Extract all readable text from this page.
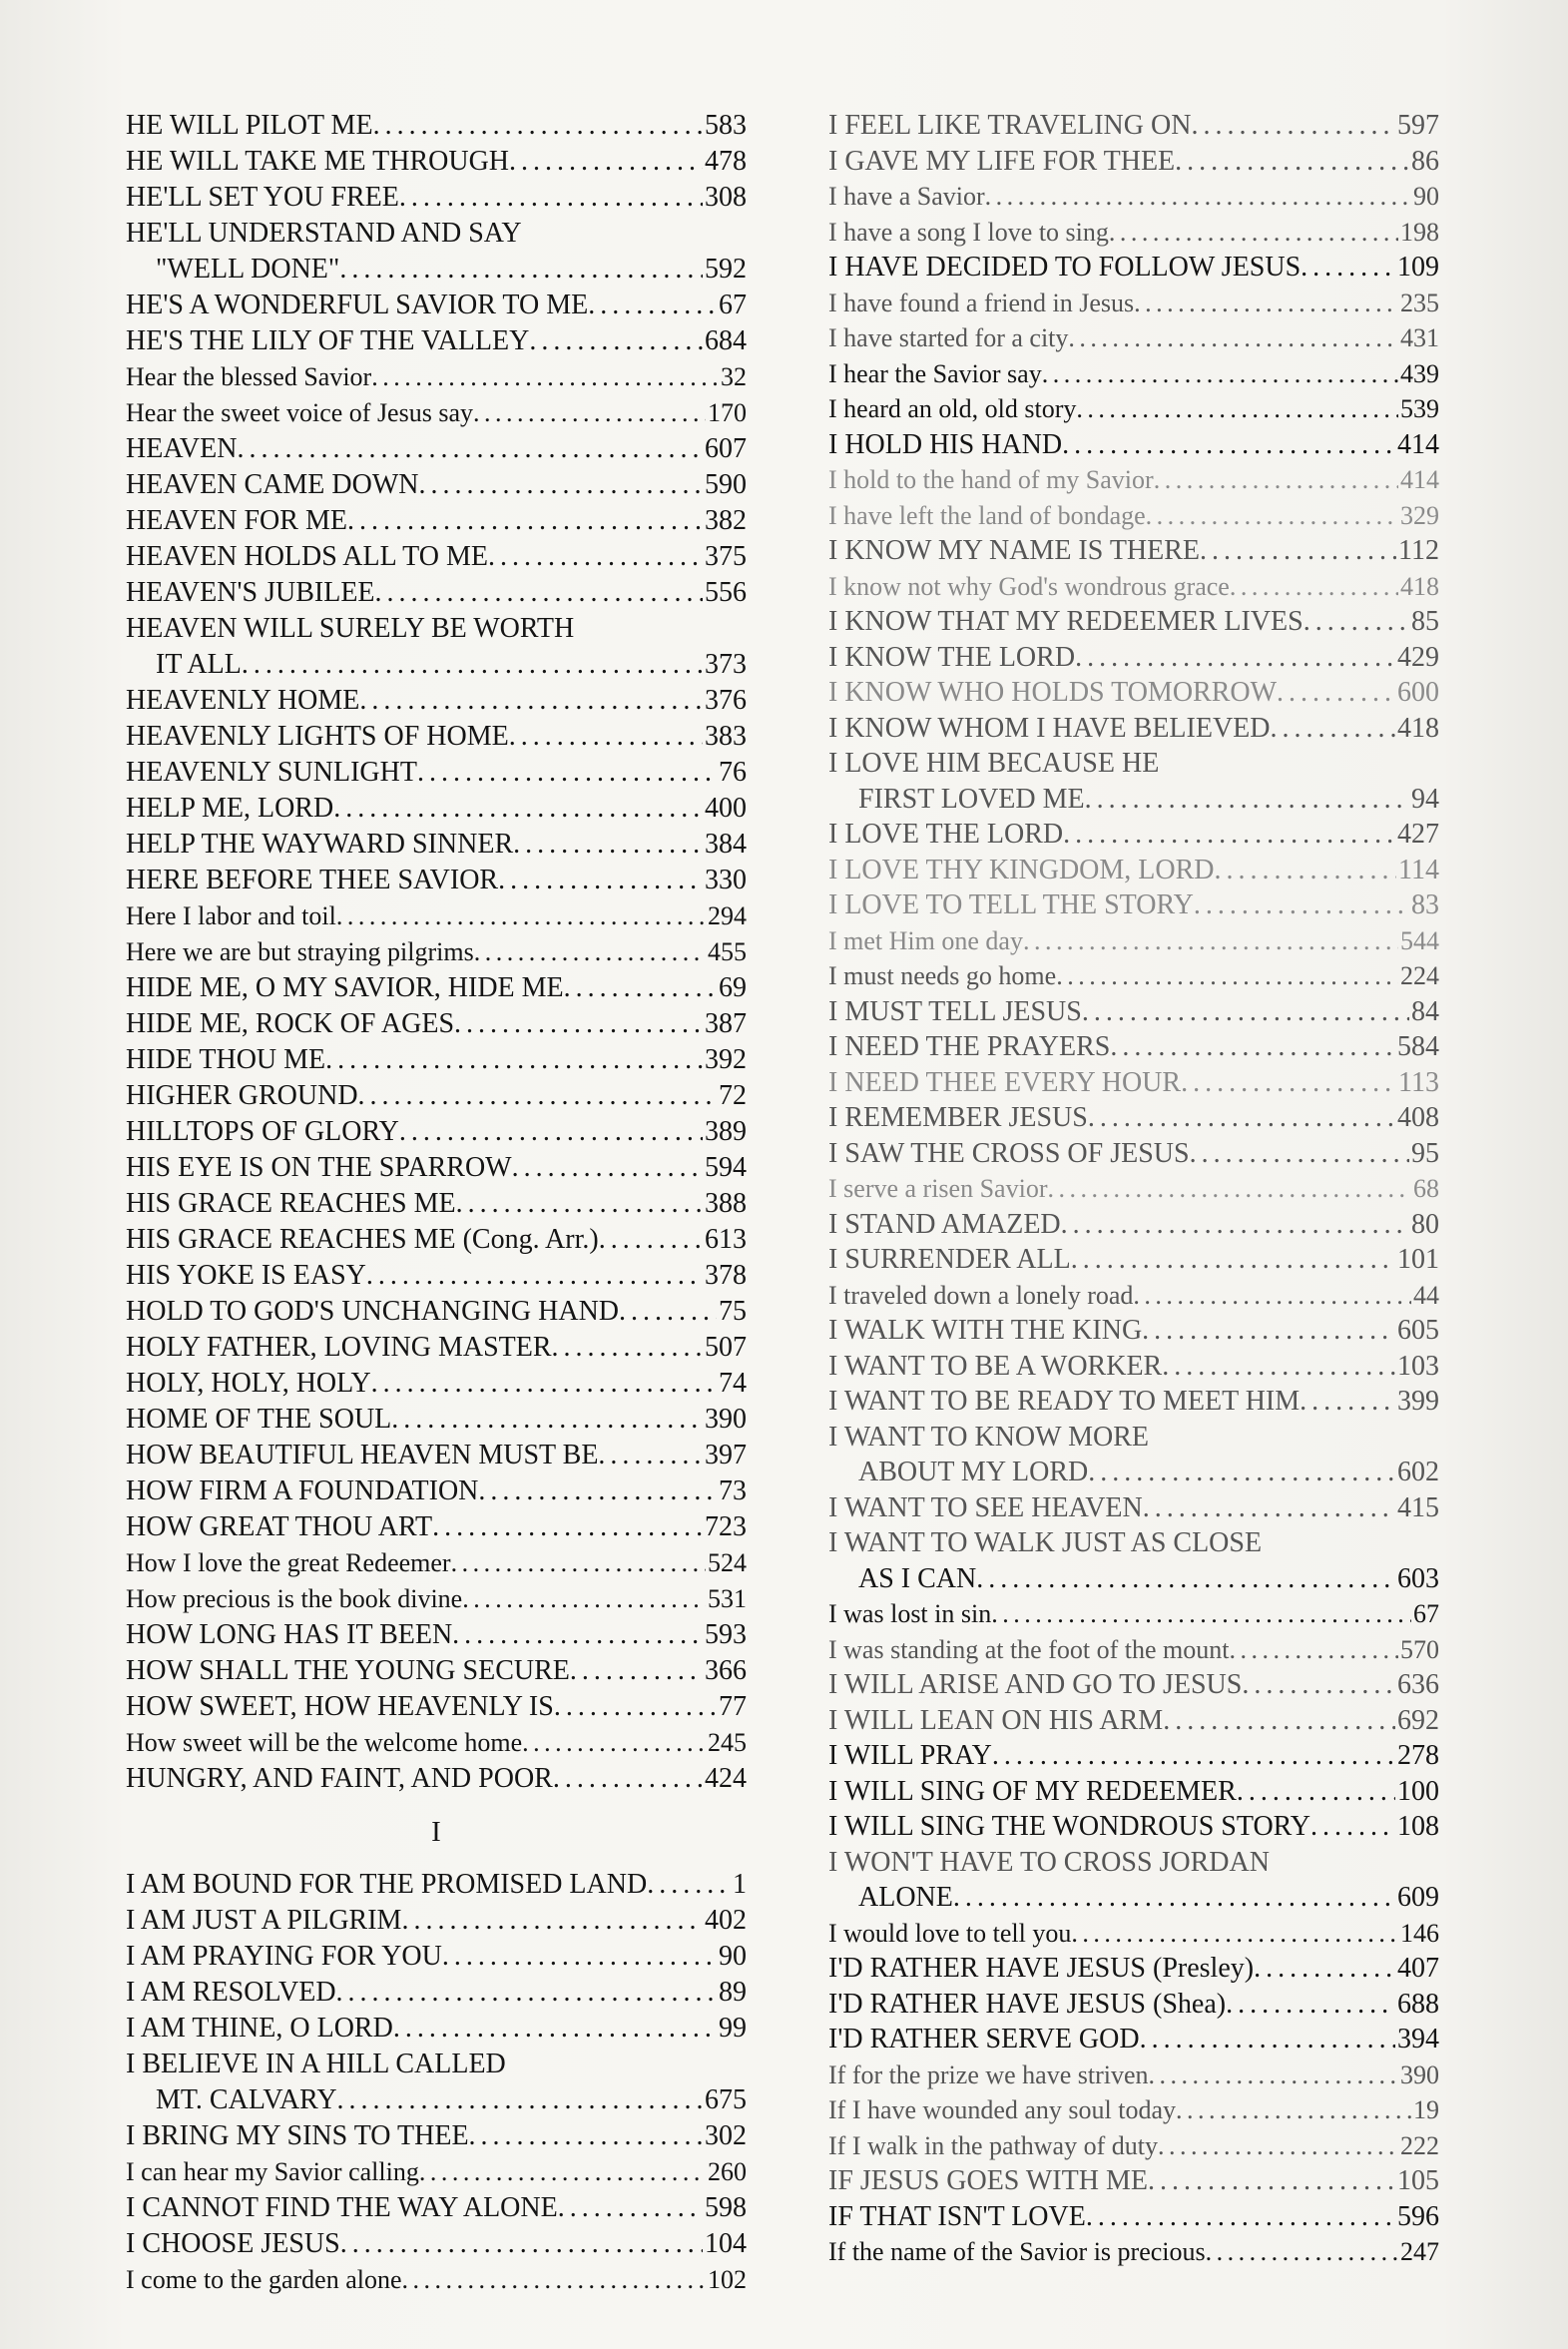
HE WILL PILOT ME . . .	583
HE WILL TAKE ME THROUGH . . .	478
HE'LL SET YOU FREE . . .	308
HE'LL UNDERSTAND AND SAY
"WELL DONE" . . .	592
HE'S A WONDERFUL SAVIOR TO ME . . .	67
HE'S THE LILY OF THE VALLEY . . .	684
Hear the blessed Savior . . .	32
Hear the sweet voice of Jesus say . . .	170
HEAVEN . . .	607
HEAVEN CAME DOWN . . .	590
HEAVEN FOR ME . . .	382
HEAVEN HOLDS ALL TO ME . . .	375
HEAVEN'S JUBILEE . . .	556
HEAVEN WILL SURELY BE WORTH
IT ALL . . .	373
HEAVENLY HOME . . .	376
HEAVENLY LIGHTS OF HOME . . .	383
HEAVENLY SUNLIGHT . . .	76
HELP ME, LORD . . .	400
HELP THE WAYWARD SINNER . . .	384
HERE BEFORE THEE SAVIOR . . .	330
Here I labor and toil . . .	294
Here we are but straying pilgrims . . .	455
HIDE ME, O MY SAVIOR, HIDE ME . . .	69
HIDE ME, ROCK OF AGES . . .	387
HIDE THOU ME . . .	392
HIGHER GROUND . . .	72
HILLTOPS OF GLORY . . .	389
HIS EYE IS ON THE SPARROW . . .	594
HIS GRACE REACHES ME . . .	388
HIS GRACE REACHES ME (Cong. Arr.) . . .	613
HIS YOKE IS EASY . . .	378
HOLD TO GOD'S UNCHANGING HAND . . .	75
HOLY FATHER, LOVING MASTER . . .	507
HOLY, HOLY, HOLY . . .	74
HOME OF THE SOUL . . .	390
HOW BEAUTIFUL HEAVEN MUST BE . . .	397
HOW FIRM A FOUNDATION . . .	73
HOW GREAT THOU ART . . .	723
How I love the great Redeemer . . .	524
How precious is the book divine . . .	531
HOW LONG HAS IT BEEN . . .	593
HOW SHALL THE YOUNG SECURE . . .	366
HOW SWEET, HOW HEAVENLY IS . . .	77
How sweet will be the welcome home . . .	245
HUNGRY, AND FAINT, AND POOR . . .	424
I
I AM BOUND FOR THE PROMISED LAND . . .	1
I AM JUST A PILGRIM . . .	402
I AM PRAYING FOR YOU . . .	90
I AM RESOLVED . . .	89
I AM THINE, O LORD . . .	99
I BELIEVE IN A HILL CALLED
MT. CALVARY . . .	675
I BRING MY SINS TO THEE . . .	302
I can hear my Savior calling . . .	260
I CANNOT FIND THE WAY ALONE . . .	598
I CHOOSE JESUS . . .	104
I come to the garden alone . . .	102
I FEEL LIKE TRAVELING ON . . .	597
I GAVE MY LIFE FOR THEE . . .	86
I have a Savior . . .	90
I have a song I love to sing . . .	198
I HAVE DECIDED TO FOLLOW JESUS . . .	109
I have found a friend in Jesus . . .	235
I have started for a city . . .	431
I hear the Savior say . . .	439
I heard an old, old story . . .	539
I HOLD HIS HAND . . .	414
I hold to the hand of my Savior . . .	414
I have left the land of bondage . . .	329
I KNOW MY NAME IS THERE . . .	112
I know not why God's wondrous grace . . .	418
I KNOW THAT MY REDEEMER LIVES . . .	85
I KNOW THE LORD . . .	429
I KNOW WHO HOLDS TOMORROW . . .	600
I KNOW WHOM I HAVE BELIEVED . . .	418
I LOVE HIM BECAUSE HE
FIRST LOVED ME . . .	94
I LOVE THE LORD . . .	427
I LOVE THY KINGDOM, LORD . . .	114
I LOVE TO TELL THE STORY . . .	83
I met Him one day . . .	544
I must needs go home . . .	224
I MUST TELL JESUS . . .	84
I NEED THE PRAYERS . . .	584
I NEED THEE EVERY HOUR . . .	113
I REMEMBER JESUS . . .	408
I SAW THE CROSS OF JESUS . . .	95
I serve a risen Savior . . .	68
I STAND AMAZED . . .	80
I SURRENDER ALL . . .	101
I traveled down a lonely road . . .	44
I WALK WITH THE KING . . .	605
I WANT TO BE A WORKER . . .	103
I WANT TO BE READY TO MEET HIM . . .	399
I WANT TO KNOW MORE
ABOUT MY LORD . . .	602
I WANT TO SEE HEAVEN . . .	415
I WANT TO WALK JUST AS CLOSE
AS I CAN . . .	603
I was lost in sin . . .	67
I was standing at the foot of the mount . . .	570
I WILL ARISE AND GO TO JESUS . . .	636
I WILL LEAN ON HIS ARM . . .	692
I WILL PRAY . . .	278
I WILL SING OF MY REDEEMER . . .	100
I WILL SING THE WONDROUS STORY . . .	108
I WON'T HAVE TO CROSS JORDAN
ALONE . . .	609
I would love to tell you . . .	146
I'D RATHER HAVE JESUS (Presley) . . .	407
I'D RATHER HAVE JESUS (Shea) . . .	688
I'D RATHER SERVE GOD . . .	394
If for the prize we have striven . . .	390
If I have wounded any soul today . . .	19
If I walk in the pathway of duty . . .	222
IF JESUS GOES WITH ME . . .	105
IF THAT ISN'T LOVE . . .	596
If the name of the Savior is precious . . .	247
